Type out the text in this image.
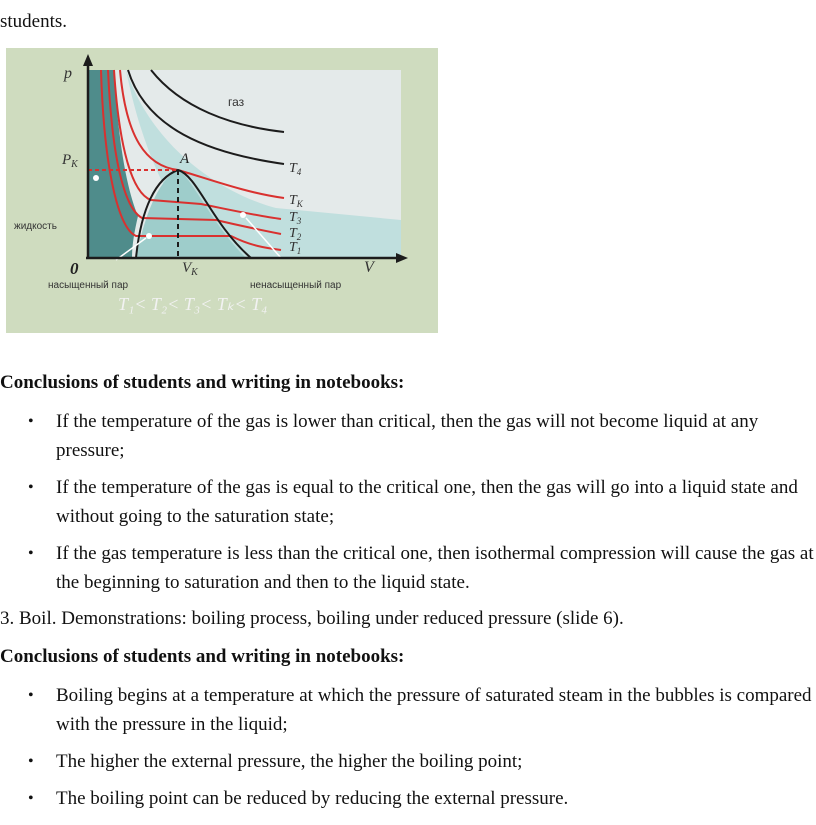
students.
p
V
0
$P_K$
$V_K$
A
газ
жидкость
насыщенный пар	ненасыщенный пар
$T_4$
$T_K$
$T_3$
$T_2$
$T_1$
T₁< T₂< T₃< Tₖ< T₄
Conclusions of students and writing in notebooks:
• If the temperature of the gas is lower than critical, then the gas will not become liquid at any pressure;
• If the temperature of the gas is equal to the critical one, then the gas will go into a liquid state and without going to the saturation state;
• If the gas temperature is less than the critical one, then isothermal compression will cause the gas at the beginning to saturation and then to the liquid state.
3. Boil. Demonstrations: boiling process, boiling under reduced pressure (slide 6).
Conclusions of students and writing in notebooks:
• Boiling begins at a temperature at which the pressure of saturated steam in the bubbles is compared with the pressure in the liquid;
• The higher the external pressure, the higher the boiling point;
• The boiling point can be reduced by reducing the external pressure.
